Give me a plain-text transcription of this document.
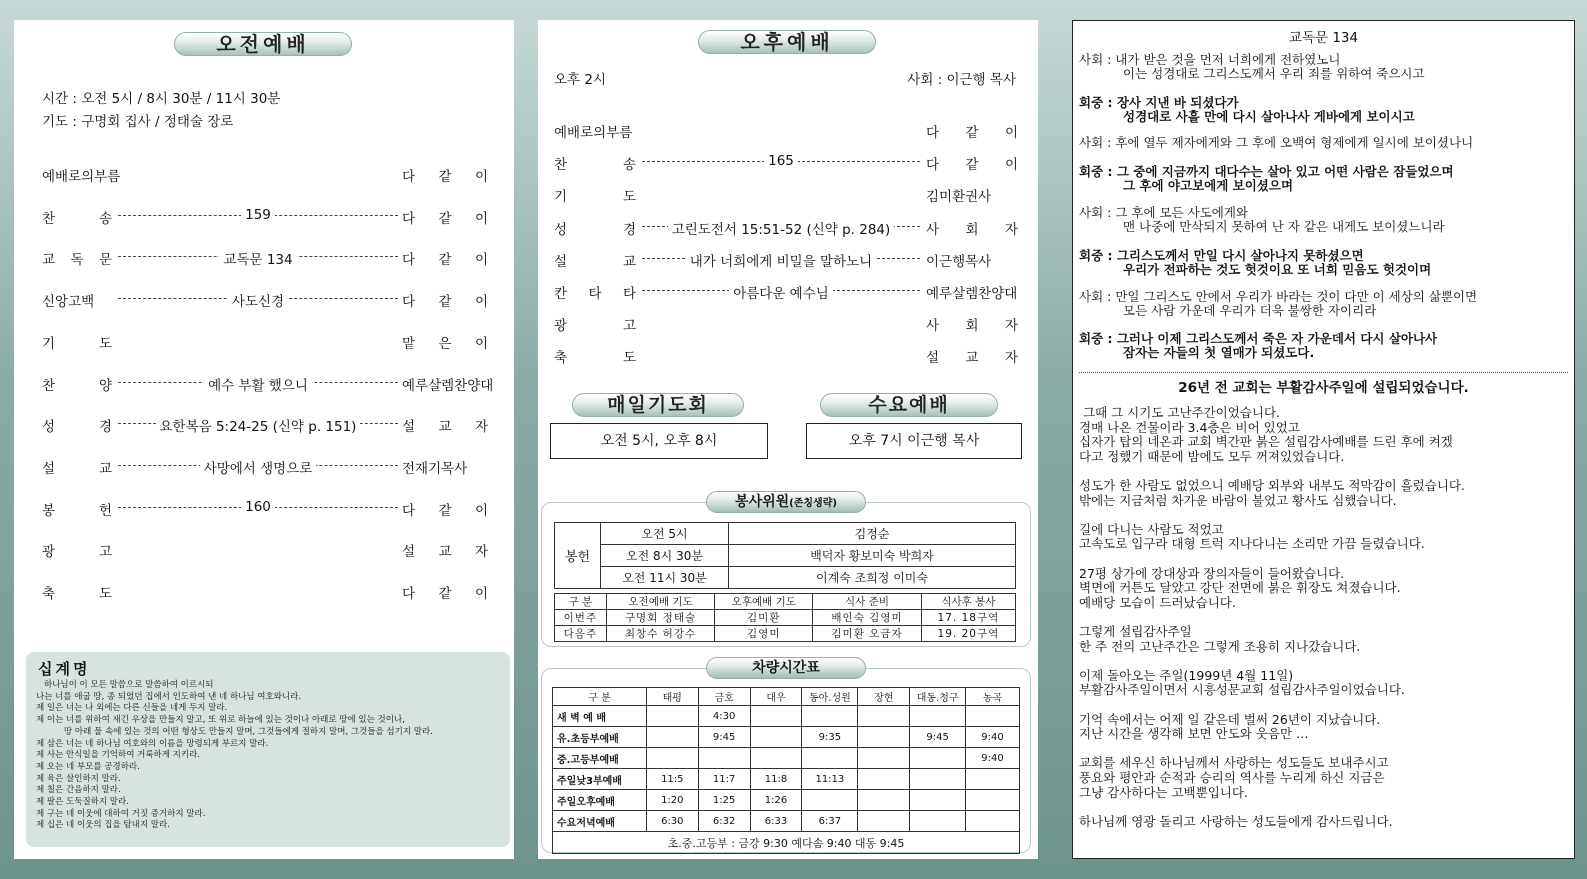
오전예배
시간 : 오전 5시 / 8시 30분 / 11시 30분
기도 : 구명회 집사 / 정태술 장로
예배로의부름	다 같 이
찬	송	159	다 같 이
교 독 문	교독문 134	다 같 이
신앙고백	사도신경	다 같 이
기	도	맡 은 이
찬	양	예수 부활 했으니	예루살렘찬양대
성	경	요한복음 5:24-25 (신약 p. 151)	설 교 자
설	교	사망에서 생명으로	전재기목사
봉	헌	160	다 같 이
광	고	설 교 자
축	도	다 같 이
십계명
하나님이 이 모든 말씀으로 말씀하여 이르시되
나는 너를 애굽 땅, 종 되었던 집에서 인도하여 낸 네 하나님 여호와니라.
제 일은 너는 나 외에는 다른 신들을 네게 두지 말라.
제 이는 너를 위하여 새긴 우상을 만들지 말고, 또 위로 하늘에 있는 것이나 아래로 땅에 있는 것이나,
땅 아래 물 속에 있는 것의 어떤 형상도 만들지 말며, 그것들에게 절하지 말며, 그것들을 섬기지 말라.
제 삼은 너는 네 하나님 여호와의 이름을 망령되게 부르지 말라.
제 사는 안식일을 기억하여 거룩하게 지키라.
제 오는 네 부모를 공경하라.
제 육은 살인하지 말라.
제 칠은 간음하지 말라.
제 팔은 도둑질하지 말라.
제 구는 네 이웃에 대하여 거짓 증거하지 말라.
제 십은 네 이웃의 집을 탐내지 말라.
오후예배
오후 2시	사회 : 이근행 목사
예배로의부름	다 같 이
찬	송	165	다 같 이
기	도	김미환권사
성	경	고린도전서 15:51-52 (신약 p. 284)	사 회 자
설	교	내가 너희에게 비밀을 말하노니	이근행목사
칸 타 타	아름다운 예수님	예루살렘찬양대
광	고	사 회 자
축	도	설 교 자
매일기도회	수요예배
오전 5시, 오후 8시	오후 7시 이근행 목사
봉사위원(존칭생략)
봉헌	오전 5시	김정순
	오전 8시 30분	백덕자 황보미숙 박희자
	오전 11시 30분	이계숙 조희정 이미숙
구 분	오전예배 기도	오후예배 기도	식사 준비	식사후 봉사
이번주	구명회 정태술	김미환	배인숙 김영미	17. 18구역
다음주	최창수 허강수	김영미	김미환 오금자	19. 20구역
차량시간표
구 분	태평	금호	대우	동아.성원	장현	대동.청구	농곡
새 벽 예 배		4:30					
유.초등부예배		9:45		9:35		9:45	9:40
중.고등부예배							9:40
주일낮3부예배	11:5	11:7	11:8	11:13			
주일오후예배	1:20	1:25	1:26				
수요저녁예배	6:30	6:32	6:33	6:37			
초.중.고등부 : 금강 9:30 예다솜 9:40 대동 9:45							
교독문 134
사회 : 내가 받은 것을 먼저 너희에게 전하였노니
이는 성경대로 그리스도께서 우리 죄를 위하여 죽으시고
회중 : 장사 지낸 바 되셨다가
성경대로 사흘 만에 다시 살아나사 게바에게 보이시고
사회 : 후에 열두 제자에게와 그 후에 오백여 형제에게 일시에 보이셨나니
회중 : 그 중에 지금까지 대다수는 살아 있고 어떤 사람은 잠들었으며
그 후에 야고보에게 보이셨으며
사회 : 그 후에 모든 사도에게와
맨 나중에 만삭되지 못하여 난 자 같은 내게도 보이셨느니라
회중 : 그리스도께서 만일 다시 살아나지 못하셨으면
우리가 전파하는 것도 헛것이요 또 너희 믿음도 헛것이며
사회 : 만일 그리스도 안에서 우리가 바라는 것이 다만 이 세상의 삶뿐이면
모든 사람 가운데 우리가 더욱 불쌍한 자이리라
회중 : 그러나 이제 그리스도께서 죽은 자 가운데서 다시 살아나사
잠자는 자들의 첫 열매가 되셨도다.
26년 전 교회는 부활감사주일에 설립되었습니다.
그때 그 시기도 고난주간이었습니다.
경매 나온 건물이라 3.4층은 비어 있었고
십자가 탑의 네온과 교회 벽간판 붉은 설립감사예배를 드린 후에 켜겠
다고 정했기 때문에 밤에도 모두 꺼져있었습니다.
성도가 한 사람도 없었으니 예배당 외부와 내부도 적막감이 흘렀습니다.
밖에는 지금처럼 차가운 바람이 불었고 황사도 심했습니다.
길에 다니는 사람도 적었고
고속도로 입구라 대형 트럭 지나다니는 소리만 가끔 들렸습니다.
27평 상가에 강대상과 장의자들이 들어왔습니다.
벽면에 커튼도 달았고 강단 전면에 붉은 휘장도 쳐졌습니다.
예배당 모습이 드러났습니다.
그렇게 설립감사주일
한 주 전의 고난주간은 그렇게 조용히 지나갔습니다.
이제 돌아오는 주일(1999년 4월 11일)
부활감사주일이면서 시흥성문교회 설립감사주일이었습니다.
기억 속에서는 어제 일 같은데 벌써 26년이 지났습니다.
지난 시간을 생각해 보면 안도와 웃음만 …
교회를 세우신 하나님께서 사랑하는 성도들도 보내주시고
풍요와 평안과 순적과 승리의 역사를 누리게 하신 지금은
그냥 감사하다는 고백뿐입니다.
하나님께 영광 돌리고 사랑하는 성도들에게 감사드립니다.
